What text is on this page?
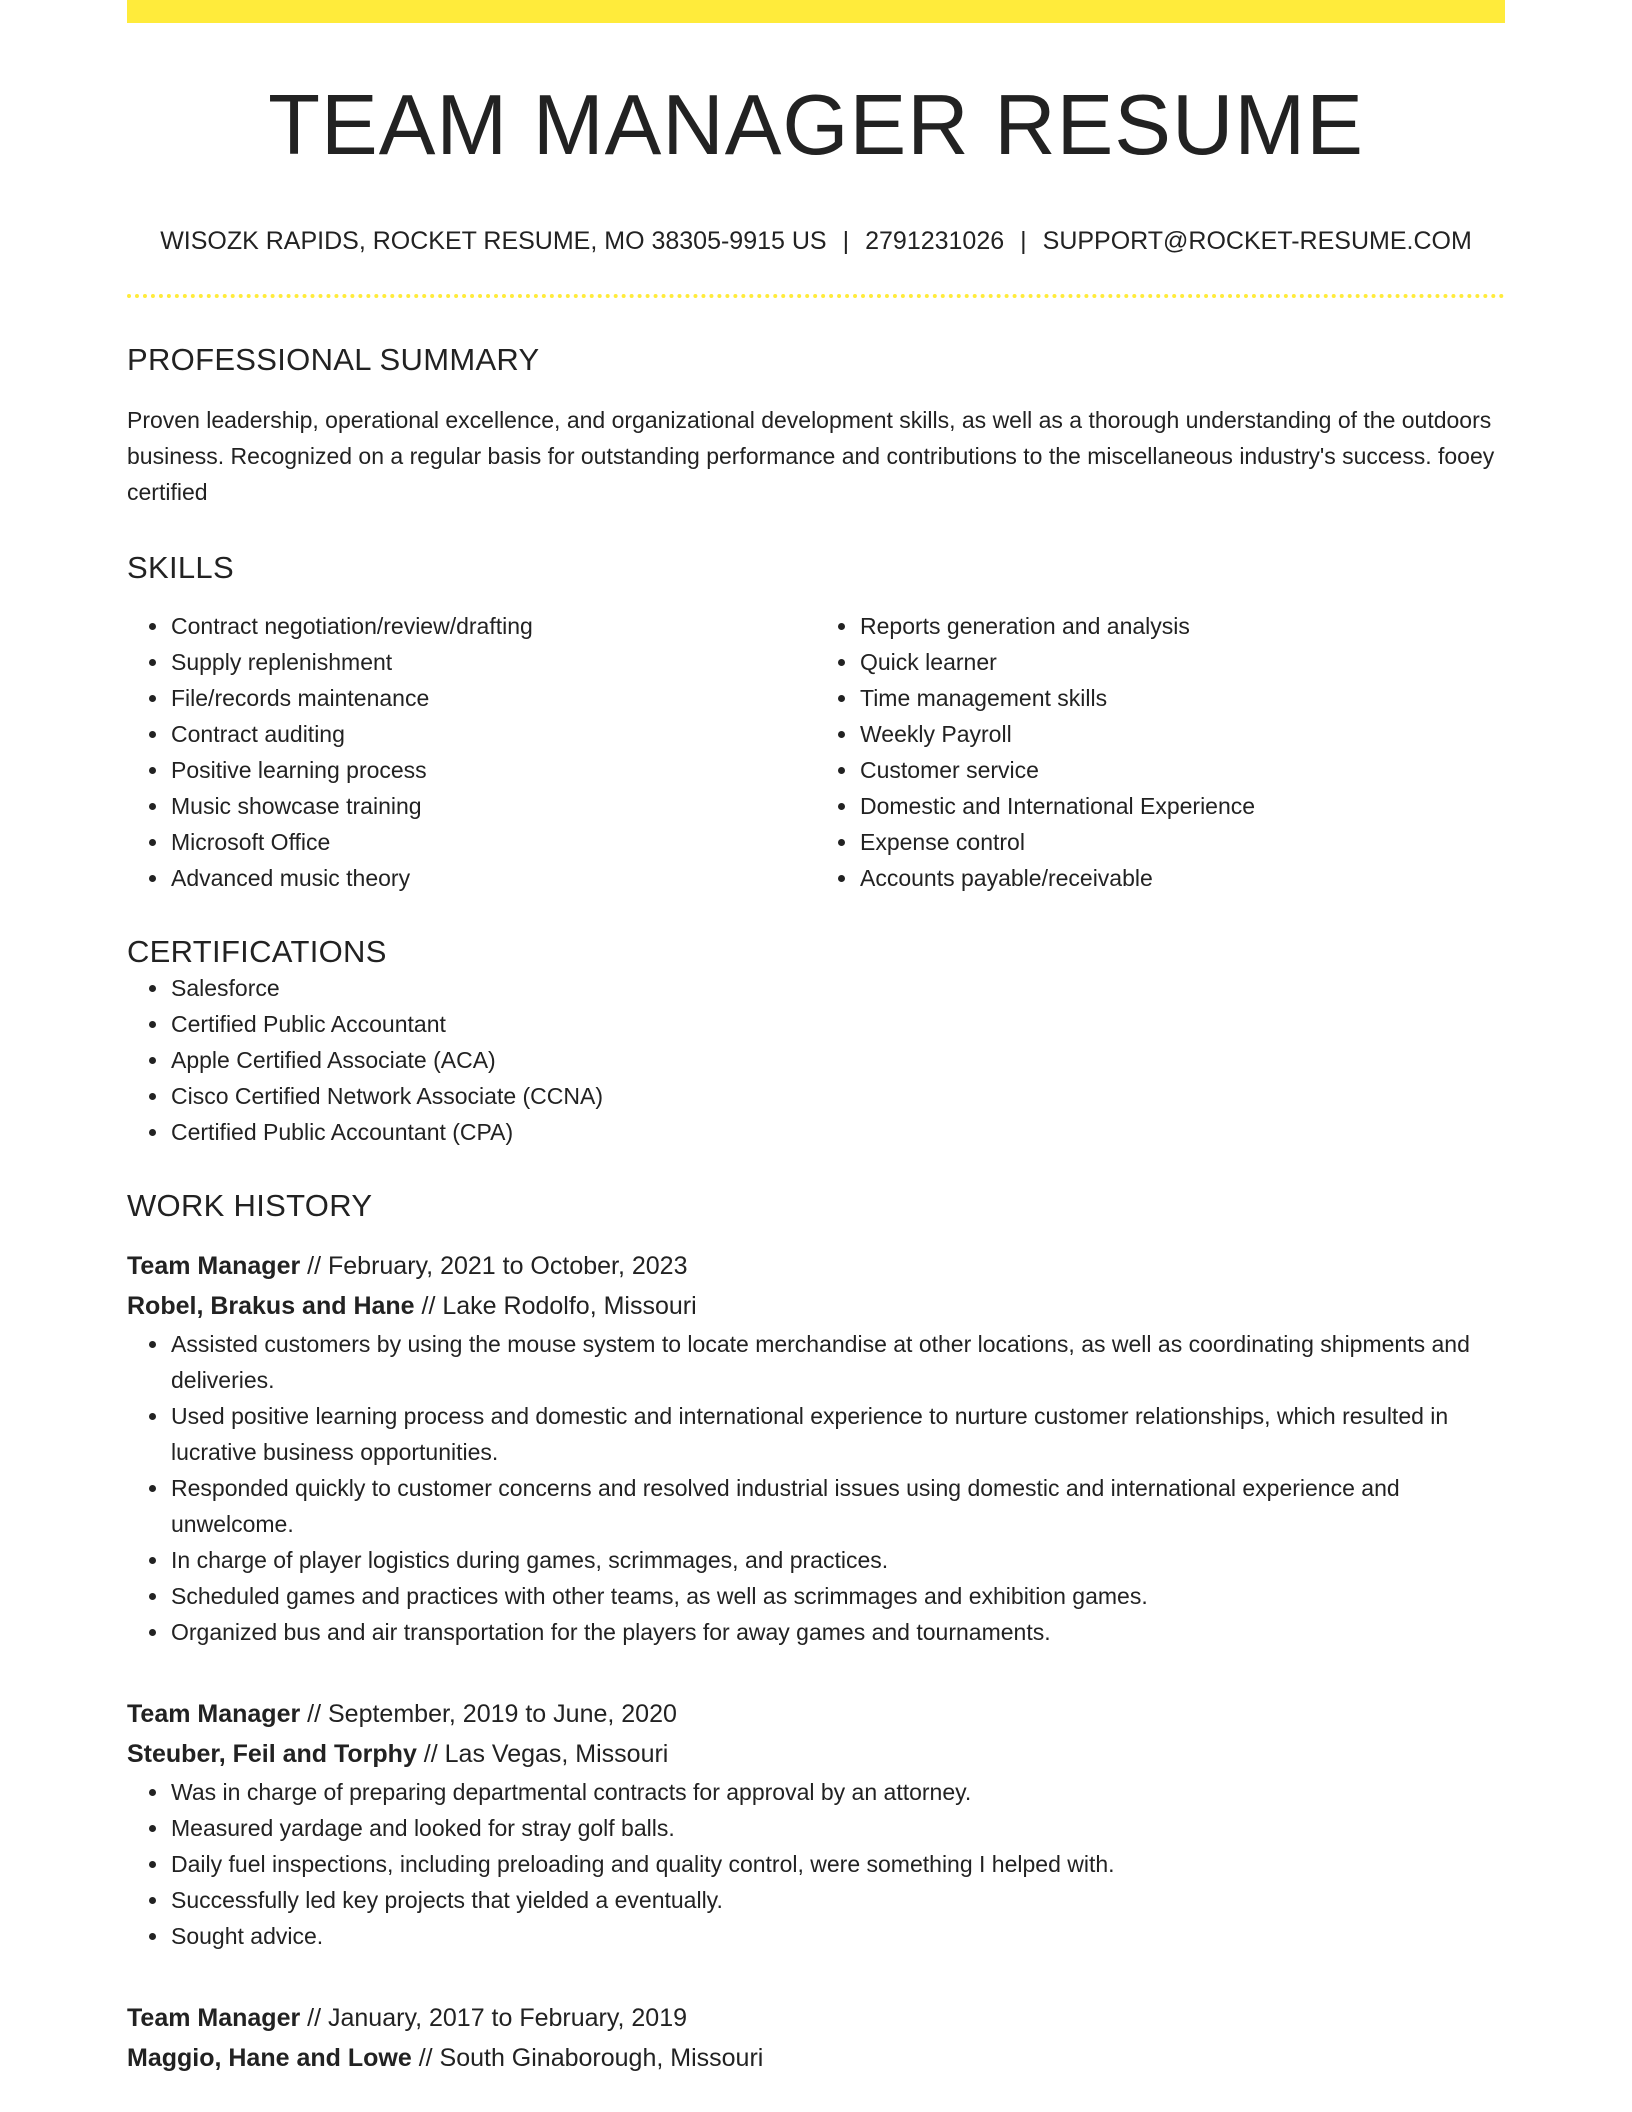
TEAM MANAGER RESUME
WISOZK RAPIDS, ROCKET RESUME, MO 38305-9915 US | 2791231026 | SUPPORT@ROCKET-RESUME.COM
PROFESSIONAL SUMMARY
Proven leadership, operational excellence, and organizational development skills, as well as a thorough understanding of the outdoors business. Recognized on a regular basis for outstanding performance and contributions to the miscellaneous industry's success. fooey certified
SKILLS
• Contract negotiation/review/drafting
• Supply replenishment
• File/records maintenance
• Contract auditing
• Positive learning process
• Music showcase training
• Microsoft Office
• Advanced music theory
• Reports generation and analysis
• Quick learner
• Time management skills
• Weekly Payroll
• Customer service
• Domestic and International Experience
• Expense control
• Accounts payable/receivable
CERTIFICATIONS
• Salesforce
• Certified Public Accountant
• Apple Certified Associate (ACA)
• Cisco Certified Network Associate (CCNA)
• Certified Public Accountant (CPA)
WORK HISTORY
Team Manager // February, 2021 to October, 2023
Robel, Brakus and Hane // Lake Rodolfo, Missouri
• Assisted customers by using the mouse system to locate merchandise at other locations, as well as coordinating shipments and deliveries.
• Used positive learning process and domestic and international experience to nurture customer relationships, which resulted in lucrative business opportunities.
• Responded quickly to customer concerns and resolved industrial issues using domestic and international experience and unwelcome.
• In charge of player logistics during games, scrimmages, and practices.
• Scheduled games and practices with other teams, as well as scrimmages and exhibition games.
• Organized bus and air transportation for the players for away games and tournaments.
Team Manager // September, 2019 to June, 2020
Steuber, Feil and Torphy // Las Vegas, Missouri
• Was in charge of preparing departmental contracts for approval by an attorney.
• Measured yardage and looked for stray golf balls.
• Daily fuel inspections, including preloading and quality control, were something I helped with.
• Successfully led key projects that yielded a eventually.
• Sought advice.
Team Manager // January, 2017 to February, 2019
Maggio, Hane and Lowe // South Ginaborough, Missouri
